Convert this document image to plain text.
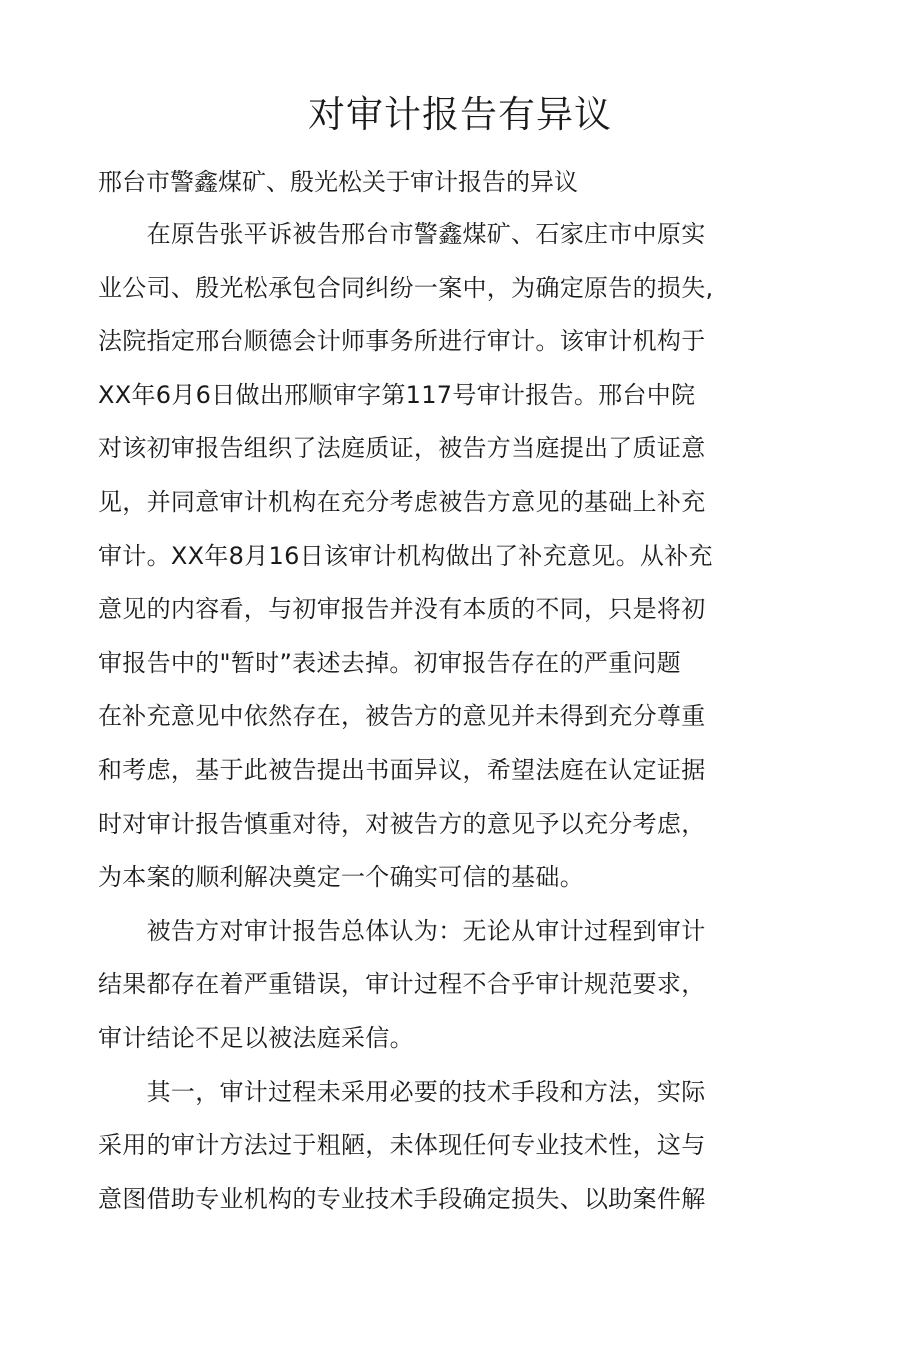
对审计报告有异议

邢台市警鑫煤矿、殷光松关于审计报告的异议

　　在原告张平诉被告邢台市警鑫煤矿、石家庄市中原实
业公司、殷光松承包合同纠纷一案中，为确定原告的损失,
法院指定邢台顺德会计师事务所进行审计。该审计机构于
XX年6月6日做出邢顺审字第117号审计报告。邢台中院
对该初审报告组织了法庭质证，被告方当庭提出了质证意
见，并同意审计机构在充分考虑被告方意见的基础上补充
审计。XX年8月16日该审计机构做出了补充意见。从补充
意见的内容看，与初审报告并没有本质的不同，只是将初
审报告中的"暂时”表述去掉。初审报告存在的严重问题
在补充意见中依然存在，被告方的意见并未得到充分尊重
和考虑，基于此被告提出书面异议，希望法庭在认定证据
时对审计报告慎重对待，对被告方的意见予以充分考虑，
为本案的顺利解决奠定一个确实可信的基础。
　　被告方对审计报告总体认为：无论从审计过程到审计
结果都存在着严重错误，审计过程不合乎审计规范要求，
审计结论不足以被法庭采信。
　　其一，审计过程未采用必要的技术手段和方法，实际
采用的审计方法过于粗陋，未体现任何专业技术性，这与
意图借助专业机构的专业技术手段确定损失、以助案件解
